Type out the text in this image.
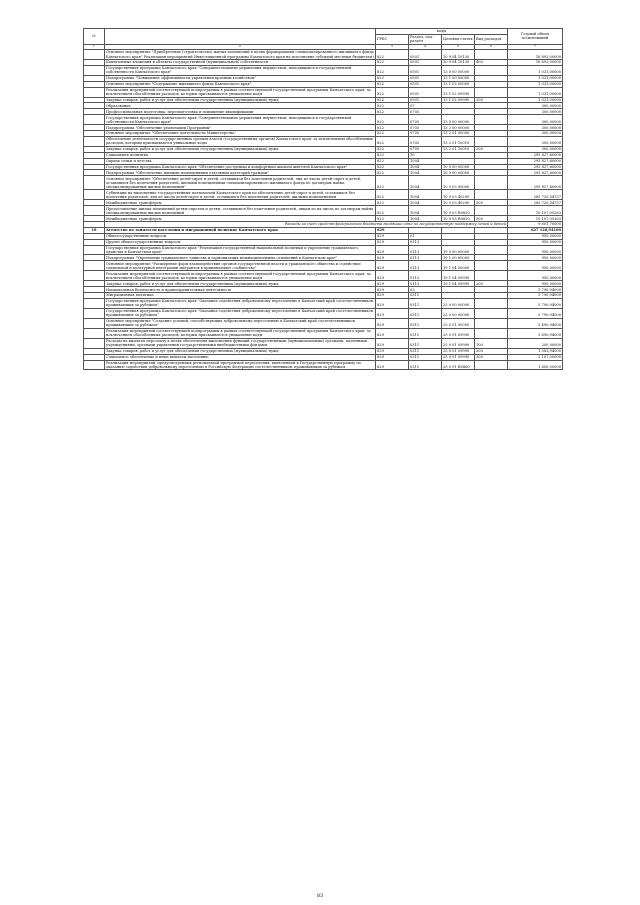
№		коды				Годовой объем ассигнований
		ГРБС	Раздел, под-раздел	Целевая статья	Вид расходов	
1	2	3	4	5	6	7
	Основное мероприятие "Приобретение (строительство) жилых помещений в целях формирования специализированного жилищного фонда Камчатского края" Реализация мероприятий Инвестиционной программы Камчатского края на исполнение субсидий местным бюджетам)	822	0501	10 9 04 10130		16 892,00000
	Капитальные вложения в объекты государственной (муниципальной) собственности	822	0501	10 9 04 10130	400	16 892,00000
	Государственная программа Камчатского края "Совершенствование управления имуществом, находящимся в государственной собственности Камчатского края"	822	0501	13 0 00 00000		1 031,00000
	Подпрограмма "Повышение эффективности управления краевым хозяйством"	822	0501	13 1 00 00000		1 031,00000
	Основное мероприятие "Содержание жилищного фонда Камчатского края"	822	0501	13 1 02 00000		1 031,00000
	Реализация мероприятий соответствующей подпрограммы в рамках соответствующей государственной программы Камчатского края, за исключением обособленных расходов, которым присваиваются уникальные коды	822	0501	13 1 02 09990		1 031,00000
	Закупка товаров, работ и услуг для обеспечения государственных (муниципальных) нужд	822	0501	13 1 02 09990	200	1 031,00000
	Образование	822	07			300,00000
	Профессиональная подготовка, переподготовка и повышение квалификации	822	0705			300,00000
	Государственная программа Камчатского края "Совершенствование управления имуществом, находящимся в государственной собственности Камчатского края"	822	0705	13 0 00 00000		300,00000
	Подпрограмма "Обеспечение реализации Программы"	822	0705	13 2 00 00000		300,00000
	Основное мероприятие "Обеспечение деятельности Министерства"	822	0705	13 2 01 00000		300,00000
	Обеспечение деятельности государственных органов власти (государственных органов) Камчатского края, за исключением обособленных расходов, которым присваиваются уникальные коды	822	0705	13 2 01 10010		300,00000
	Закупка товаров, работ и услуг для обеспечения государственных (муниципальных) нужд	822	0705	13 2 01 10010	200	300,00000
	Социальная политика	822	10			295 827,60000
	Охрана семьи и детства	822	1004			295 827,60000
	Государственная программа Камчатского края "Обеспечение доступным и комфортным жильем жителей Камчатского края"	822	1004	10 0 00 00000		295 827,60000
	Подпрограмма "Обеспечение жилыми помещениями отдельных категорий граждан"	822	1004	10 9 00 00000		295 827,60000
	Основное мероприятие "Обеспечение детей-сирот и детей, оставшихся без попечения родителей, лиц из числа детей-сирот и детей, оставшихся без попечения родителей, жилыми помещениями специализированного жилищного фонда по договорам найма специализированных жилых помещений"	822	1004	10 9 03 00000		295 827,60000
	Субвенции на выполнение государственных полномочий Камчатского края по обеспечению детей-сирот и детей, оставшихся без попечения родителей, лиц из числа детей-сирот и детей, оставшихся без попечения родителей, жилыми помещениями	822	1004	10 9 03 40290		285 720,54737
	Межбюджетные трансферты	822	1004	10 9 03 40290	500	285 720,54737
	Предоставление жилых помещений детям-сиротам и детям, оставшимся без попечения родителей, лицам из их числа по договорам найма специализированных жилых помещений	822	1004	10 9 03 R0820		10 107,05263
	Межбюджетные трансферты	822	1004	10 9 03 R0820	500	10 107,05263
	Расходы за счет средств федерального бюджета входящие одно из государственную поддержку семей и детей					9 601,70000
18	Агентство по занятости населения и миграционной политике Камчатского края	829				627 128,94100
	Общегосударственные вопросы	829	01			950,00000
	Другие общегосударственные вопросы	829	0113			950,00000
	Государственная программа Камчатского края "Реализация государственной национальной политики и укрепление гражданского единства в Камчатском крае"	829	0113	19 0 00 00000		950,00000
	Подпрограмма "Укрепление гражданского единства и гармонизация межнациональных отношений в Камчатском крае"	829	0113	19 1 00 00000		950,00000
	Основное мероприятие "Расширение форм взаимодействия органов государственной власти и гражданского общества и содействие социальной и культурной интеграции мигрантов в принимающее сообщество"	829	0113	19 1 04 00000		950,00000
	Реализация мероприятий соответствующей подпрограммы в рамках соответствующей государственной программы Камчатского края, за исключением обособленных расходов, которым присваиваются уникальные коды	829	0113	19 1 04 09990		950,00000
	Закупка товаров, работ и услуг для обеспечения государственных (муниципальных) нужд	829	0113	19 1 04 09990	200	950,00000
	Национальная безопасность и правоохранительная деятельность	829	03			5 790,94000
	Миграционная политика	829	0311			5 790,94000
	Государственная программа Камчатского края "Оказание содействия добровольному переселению в Камчатский край соотечественников, проживающих за рубежом"	829	0311	25 0 00 00000		5 790,94000
	Государственная программа Камчатского края "Оказание содействия добровольному переселению в Камчатский край соотечественников, проживающих за рубежом"	829	0311	25 0 00 00000		5 790,94000
	Основное мероприятие "Создание условий, способствующих добровольному переселению в Камчатский край соотечественников, проживающих за рубежом"	829	0311	25 0 01 00000		5 490,94000
	Реализация мероприятий соответствующей подпрограммы в рамках соответствующей государственной программы Камчатского края, за исключением обособленных расходов, которым присваиваются уникальные коды	829	0311	25 0 01 09990		3 690,94000
	Расходы на выплаты персоналу в целях обеспечения выполнения функций государственными (муниципальными) органами, казенными учреждениями, органами управления государственными внебюджетными фондами	829	0311	25 0 01 09990	100	200,00000
	Закупка товаров, работ и услуг для обеспечения государственных (муниципальных) нужд	829	0311	25 0 01 09990	200	1 383,94000
	Социальное обеспечение и иные выплаты населению	829	0311	25 0 01 09990	300	2 107,00000
	Реализация мероприятий, предусмотренных региональной программой переселения, включенной в Государственную программу по оказанию содействия добровольному переселению в Российскую Федерацию соотечественников, проживающих за рубежом	829	0311	25 0 01 R0860		1 800,00000
83
